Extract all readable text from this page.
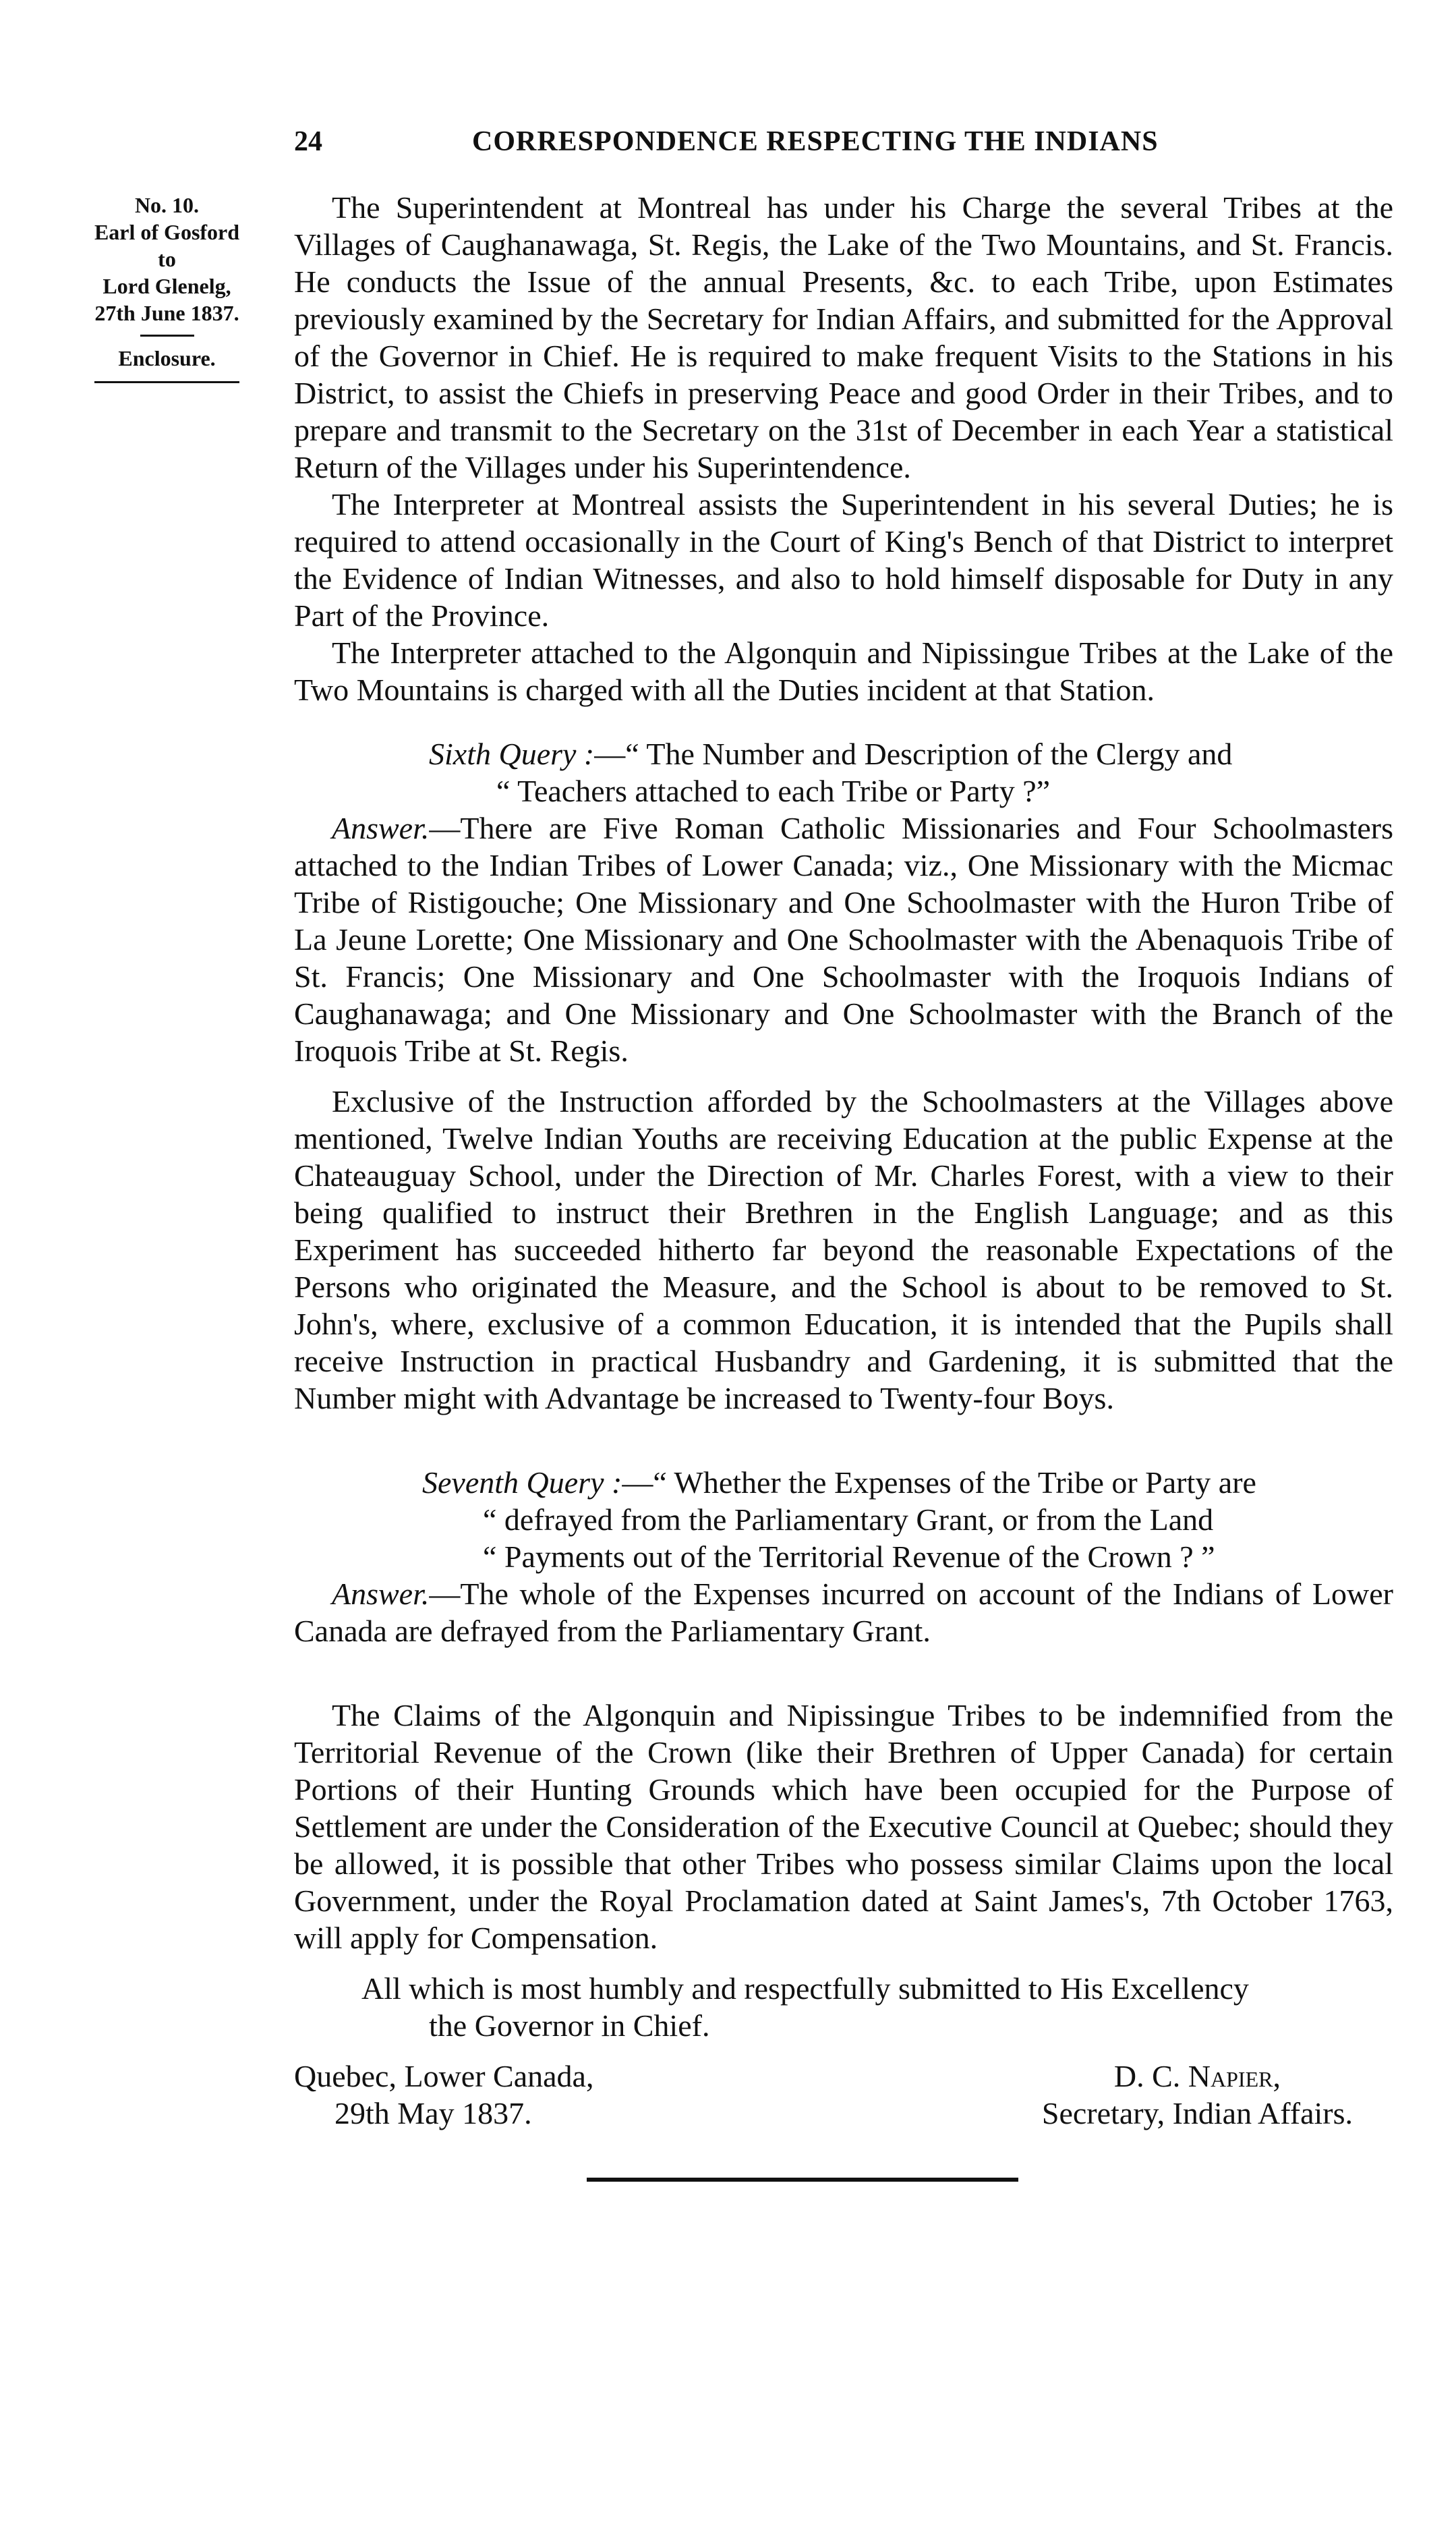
24	CORRESPONDENCE RESPECTING THE INDIANS
No. 10.
Earl of Gosford
to
Lord Glenelg,
27th June 1837.
Enclosure.

The Superintendent at Montreal has under his Charge the several Tribes at the Villages of Caughanawaga, St. Regis, the Lake of the Two Mountains, and St. Francis. He conducts the Issue of the annual Presents, &c. to each Tribe, upon Estimates previously examined by the Secretary for Indian Affairs, and submitted for the Approval of the Governor in Chief. He is required to make frequent Visits to the Stations in his District, to assist the Chiefs in preserving Peace and good Order in their Tribes, and to prepare and transmit to the Secretary on the 31st of December in each Year a statistical Return of the Villages under his Superintendence.

The Interpreter at Montreal assists the Superintendent in his several Duties; he is required to attend occasionally in the Court of King's Bench of that District to interpret the Evidence of Indian Witnesses, and also to hold himself disposable for Duty in any Part of the Province.

The Interpreter attached to the Algonquin and Nipissingue Tribes at the Lake of the Two Mountains is charged with all the Duties incident at that Station.

Sixth Query :—“ The Number and Description of the Clergy and
“ Teachers attached to each Tribe or Party ?”

Answer.—There are Five Roman Catholic Missionaries and Four Schoolmasters attached to the Indian Tribes of Lower Canada; viz., One Missionary with the Micmac Tribe of Ristigouche; One Missionary and One Schoolmaster with the Huron Tribe of La Jeune Lorette; One Missionary and One Schoolmaster with the Abenaquois Tribe of St. Francis; One Missionary and One Schoolmaster with the Iroquois Indians of Caughanawaga; and One Missionary and One Schoolmaster with the Branch of the Iroquois Tribe at St. Regis.

Exclusive of the Instruction afforded by the Schoolmasters at the Villages above mentioned, Twelve Indian Youths are receiving Education at the public Expense at the Chateauguay School, under the Direction of Mr. Charles Forest, with a view to their being qualified to instruct their Brethren in the English Language; and as this Experiment has succeeded hitherto far beyond the reasonable Expectations of the Persons who originated the Measure, and the School is about to be removed to St. John's, where, exclusive of a common Education, it is intended that the Pupils shall receive Instruction in practical Husbandry and Gardening, it is submitted that the Number might with Advantage be increased to Twenty-four Boys.

Seventh Query :—“ Whether the Expenses of the Tribe or Party are
“ defrayed from the Parliamentary Grant, or from the Land
“ Payments out of the Territorial Revenue of the Crown ? ”

Answer.—The whole of the Expenses incurred on account of the Indians of Lower Canada are defrayed from the Parliamentary Grant.

The Claims of the Algonquin and Nipissingue Tribes to be indemnified from the Territorial Revenue of the Crown (like their Brethren of Upper Canada) for certain Portions of their Hunting Grounds which have been occupied for the Purpose of Settlement are under the Consideration of the Executive Council at Quebec; should they be allowed, it is possible that other Tribes who possess similar Claims upon the local Government, under the Royal Proclamation dated at Saint James's, 7th October 1763, will apply for Compensation.

All which is most humbly and respectfully submitted to His Excellency
the Governor in Chief.

Quebec, Lower Canada,
29th May 1837.
D. C. Napier,
Secretary, Indian Affairs.
